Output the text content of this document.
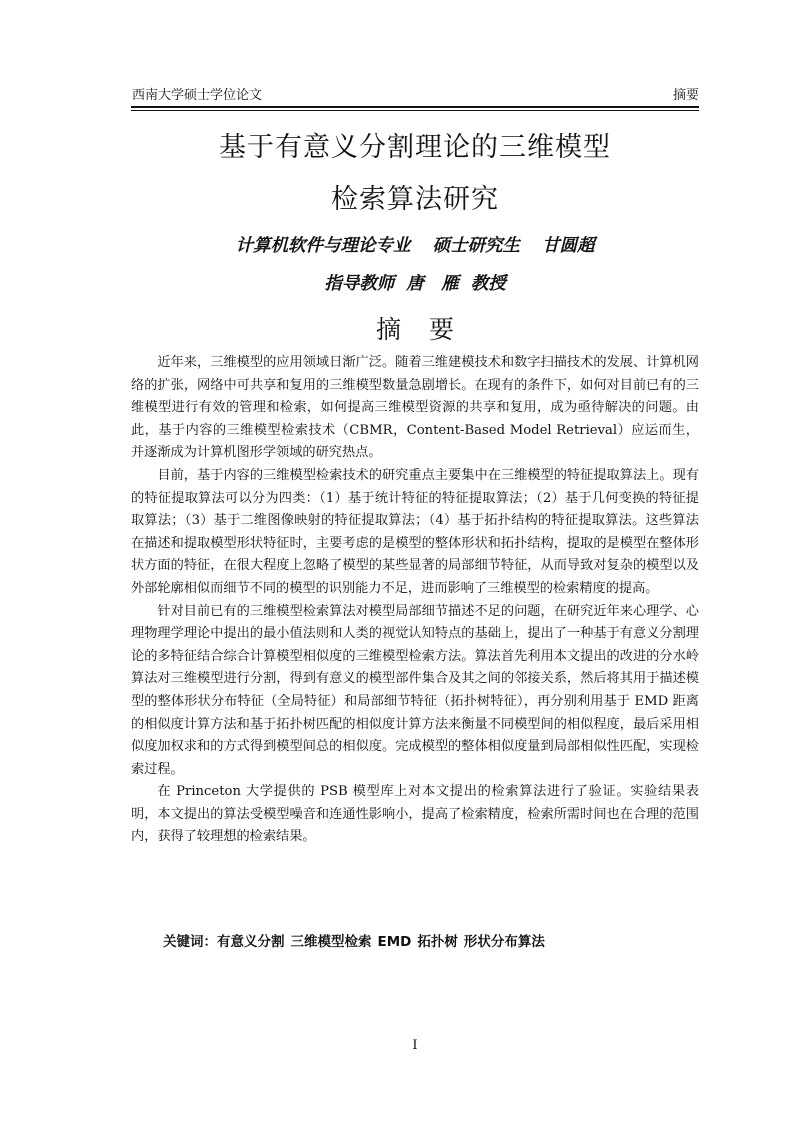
西南大学硕士学位论文	摘要
基于有意义分割理论的三维模型
检索算法研究
计算机软件与理论专业 硕士研究生 甘圆超
指导教师 唐　雁 教授
摘要

近年来，三维模型的应用领域日渐广泛。随着三维建模技术和数字扫描技术的发展、计算机网络的扩张，网络中可共享和复用的三维模型数量急剧增长。在现有的条件下，如何对目前已有的三维模型进行有效的管理和检索，如何提高三维模型资源的共享和复用，成为亟待解决的问题。由此，基于内容的三维模型检索技术（CBMR，Content-Based Model Retrieval）应运而生，并逐渐成为计算机图形学领域的研究热点。

目前，基于内容的三维模型检索技术的研究重点主要集中在三维模型的特征提取算法上。现有的特征提取算法可以分为四类：（1）基于统计特征的特征提取算法；（2）基于几何变换的特征提取算法；（3）基于二维图像映射的特征提取算法；（4）基于拓扑结构的特征提取算法。这些算法在描述和提取模型形状特征时，主要考虑的是模型的整体形状和拓扑结构，提取的是模型在整体形状方面的特征，在很大程度上忽略了模型的某些显著的局部细节特征，从而导致对复杂的模型以及外部轮廓相似而细节不同的模型的识别能力不足，进而影响了三维模型的检索精度的提高。

针对目前已有的三维模型检索算法对模型局部细节描述不足的问题，在研究近年来心理学、心理物理学理论中提出的最小值法则和人类的视觉认知特点的基础上，提出了一种基于有意义分割理论的多特征结合综合计算模型相似度的三维模型检索方法。算法首先利用本文提出的改进的分水岭算法对三维模型进行分割，得到有意义的模型部件集合及其之间的邻接关系，然后将其用于描述模型的整体形状分布特征（全局特征）和局部细节特征（拓扑树特征），再分别利用基于 EMD 距离的相似度计算方法和基于拓扑树匹配的相似度计算方法来衡量不同模型间的相似程度，最后采用相似度加权求和的方式得到模型间总的相似度。完成模型的整体相似度量到局部相似性匹配，实现检索过程。

在 Princeton 大学提供的 PSB 模型库上对本文提出的检索算法进行了验证。实验结果表明，本文提出的算法受模型噪音和连通性影响小，提高了检索精度，检索所需时间也在合理的范围内，获得了较理想的检索结果。

关键词：有意义分割 三维模型检索 EMD 拓扑树 形状分布算法
I
